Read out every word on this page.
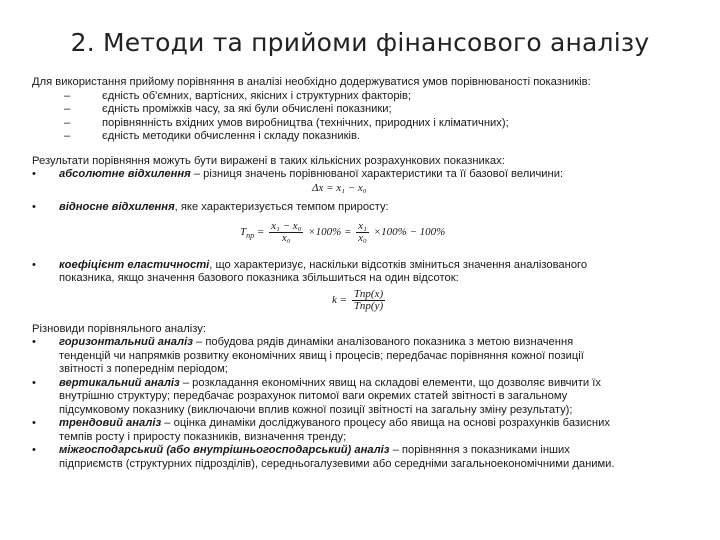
2. Методи та прийоми фінансового аналізу
Для використання прийому порівняння в аналізі необхідно додержуватися умов порівнюваності показників:
–	єдність об'ємних, вартісних, якісних і структурних факторів;
–	єдність проміжків часу, за які були обчислені показники;
–	порівнянність вхідних умов виробництва (технічних, природних і кліматичних);
–	єдність методики обчислення і складу показників.
Результати порівняння можуть бути виражені в таких кількісних розрахункових показниках:
• абсолютне відхилення – різниця значень порівнюваної характеристики та її базової величини:
Δx = x₁ − x₀
• відносне відхилення, яке характеризується темпом приросту:
$T_{пр} = \frac{\text{x₁ − x₀}}{\text{x₀}} \times 100\% = \frac{\text{x₁}}{\text{x₀}} \times 100\% - 100\%$
• коефіцієнт еластичності, що характеризує, наскільки відсотків зміниться значення аналізованого
показника, якщо значення базового показника збільшиться на один відсоток:
$k = \frac{\text{Tпр(x)}}{\text{Tпр(y)}}$
Різновиди порівняльного аналізу:
• горизонтальний аналіз – побудова рядів динаміки аналізованого показника з метою визначення
тенденцій чи напрямків розвитку економічних явищ і процесів; передбачає порівняння кожної позиції
звітності з попереднім періодом;
• вертикальний аналіз – розкладання економічних явищ на складові елементи, що дозволяє вивчити їх
внутрішню структуру; передбачає розрахунок питомої ваги окремих статей звітності в загальному
підсумковому показнику (виключаючи вплив кожної позиції звітності на загальну зміну результату);
• трендовий аналіз – оцінка динаміки досліджуваного процесу або явища на основі розрахунків базисних
темпів росту і приросту показників, визначення тренду;
• міжгосподарський (або внутрішньогосподарський) аналіз – порівняння з показниками інших
підприємств (структурних підрозділів), середньогалузевими або середніми загальноекономічними даними.
